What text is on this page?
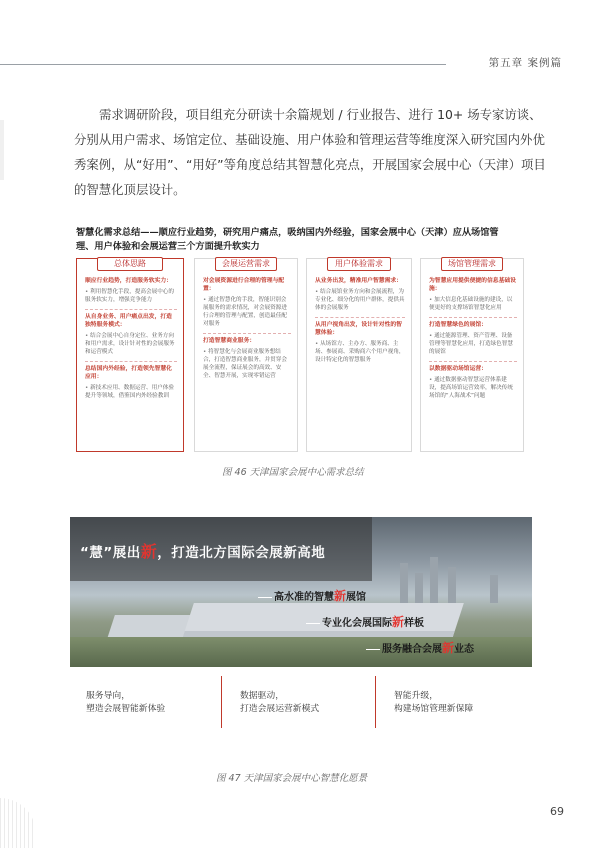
第五章 案例篇
需求调研阶段，项目组充分研读十余篇规划 / 行业报告、进行 10+ 场专家访谈、分别从用户需求、场馆定位、基础设施、用户体验和管理运营等维度深入研究国内外优秀案例，从“好用”、“用好”等角度总结其智慧化亮点，开展国家会展中心（天津）项目的智慧化顶层设计。
智慧化需求总结——顺应行业趋势，研究用户痛点，吸纳国内外经验，国家会展中心（天津）应从场馆管理、用户体验和会展运营三个方面提升软实力
总体思路
顺应行业趋势，打造服务软实力：
• 利用智慧化手段，提高会展中心的服务软实力，增强竞争能力
从自身业务、用户痛点出发，打造独特服务模式：
• 结合会展中心自身定位、业务方向和用户需求，设计针对性的会展服务和运营模式
总结国内外经验，打造领先智慧化应用：
• 新技术应用、数据运营、用户体验提升等领域，借鉴国内外经验教训
会展运营需求
对会展资源进行合理的管理与配置：
• 通过智慧化的手段，智能识别会展服务的需求情况，对会展资源进行合理的管理与配置，创造最佳配对服务
打造智慧商业服务：
• 将智慧化与会展商业服务想结合，打造智慧商业服务，并贯穿会展全流程，保证展会的高效、安全、智慧开展，实现零错运营
用户体验需求
从业务出发，精准用户智慧需求：
• 结合展馆业务方向和会展流程，为专业化、细分化的用户群体，提供具体的会展服务
从用户视角出发，设计针对性的智慧体验：
• 从场馆方、主办方、服务商、主场、参展商、采购商六个用户视角，设计特定化的智慧服务
场馆管理需求
为智慧应用提供便捷的信息基础设施：
• 加大信息化基础设施的建设，以便更好的支撑场馆智慧化应用
打造智慧绿色的展馆：
• 通过能源管理、资产管理、设备管理等智慧化应用，打造绿色智慧的展馆
以数据驱动场馆运营：
• 通过数据驱动智慧运营体系建设，提高场馆运营效率，解决传统场馆的“人海战术”问题
图 46 天津国家会展中心需求总结
“慧”展出新，打造北方国际会展新高地
高水准的智慧新展馆
专业化会展国际新样板
服务融合会展新业态
服务导向，
塑造会展智能新体验
数据驱动，
打造会展运营新模式
智能升级，
构建场馆管理新保障
图 47 天津国家会展中心智慧化愿景
69
